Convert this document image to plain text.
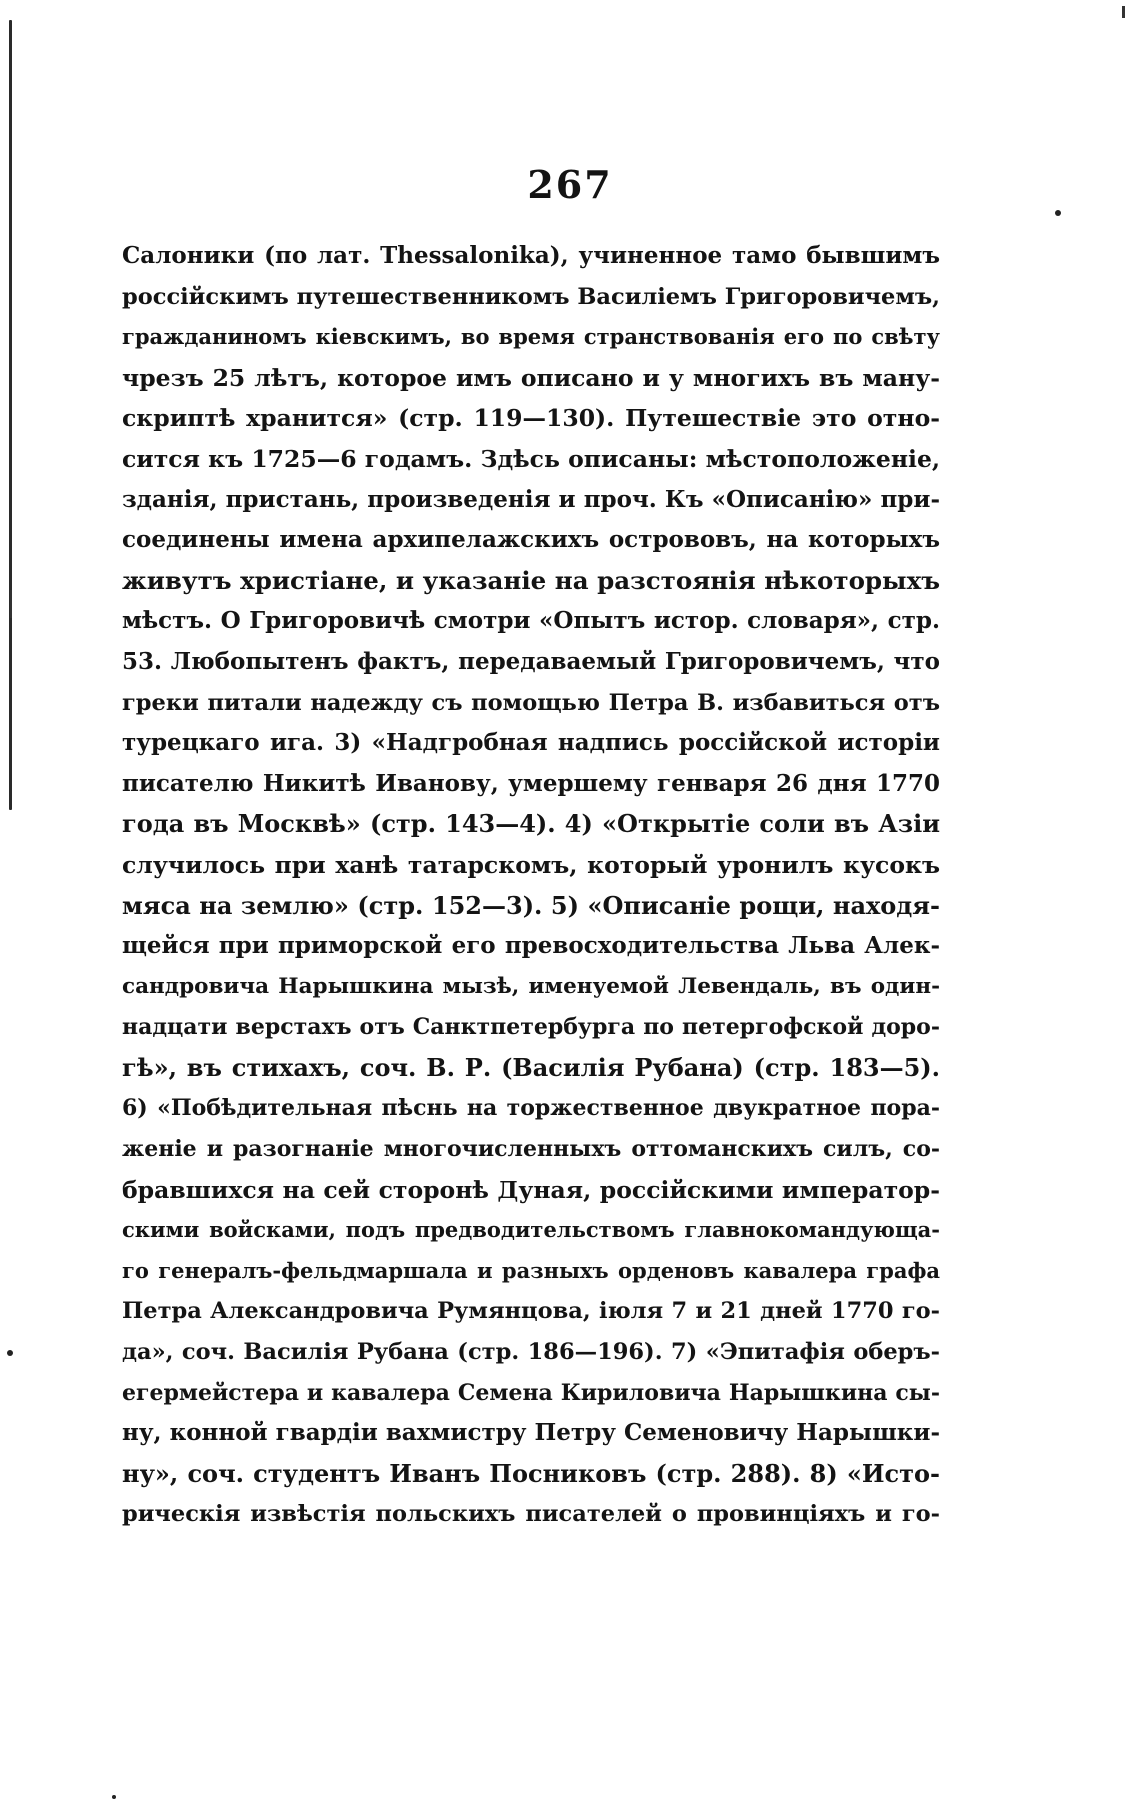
267
Салоники (по лат. Thessalonika), учиненное тамо бывшимъ
россійскимъ путешественникомъ Василіемъ Григоровичемъ,
гражданиномъ кіевскимъ, во время странствованія его по свѣту
чрезъ 25 лѣтъ, которое имъ описано и у многихъ въ ману-
скриптѣ хранится» (стр. 119—130). Путешествіе это отно-
сится къ 1725—6 годамъ. Здѣсь описаны: мѣстоположеніе,
зданія, пристань, произведенія и проч. Къ «Описанію» при-
соединены имена архипелажскихъ острововъ, на которыхъ
живутъ христіане, и указаніе на разстоянія нѣкоторыхъ
мѣстъ. О Григоровичѣ смотри «Опытъ истор. словаря», стр.
53. Любопытенъ фактъ, передаваемый Григоровичемъ, что
греки питали надежду съ помощью Петра В. избавиться отъ
турецкаго ига. 3) «Надгробная надпись россійской исторіи
писателю Никитѣ Иванову, умершему генваря 26 дня 1770
года въ Москвѣ» (стр. 143—4). 4) «Открытіе соли въ Азіи
случилось при ханѣ татарскомъ, который уронилъ кусокъ
мяса на землю» (стр. 152—3). 5) «Описаніе рощи, находя-
щейся при приморской его превосходительства Льва Алек-
сандровича Нарышкина мызѣ, именуемой Левендаль, въ один-
надцати верстахъ отъ Санктпетербурга по петергофской доро-
гѣ», въ стихахъ, соч. В. Р. (Василія Рубана) (стр. 183—5).
6) «Побѣдительная пѣснь на торжественное двукратное пора-
женіе и разогнаніе многочисленныхъ оттоманскихъ силъ, со-
бравшихся на сей сторонѣ Дуная, россійскими император-
скими войсками, подъ предводительствомъ главнокомандующа-
го генералъ-фельдмаршала и разныхъ орденовъ кавалера графа
Петра Александровича Румянцова, іюля 7 и 21 дней 1770 го-
да», соч. Василія Рубана (стр. 186—196). 7) «Эпитафія оберъ-
егермейстера и кавалера Семена Кириловича Нарышкина сы-
ну, конной гвардіи вахмистру Петру Семеновичу Нарышки-
ну», соч. студентъ Иванъ Посниковъ (стр. 288). 8) «Исто-
рическія извѣстія польскихъ писателей о провинціяхъ и го-
